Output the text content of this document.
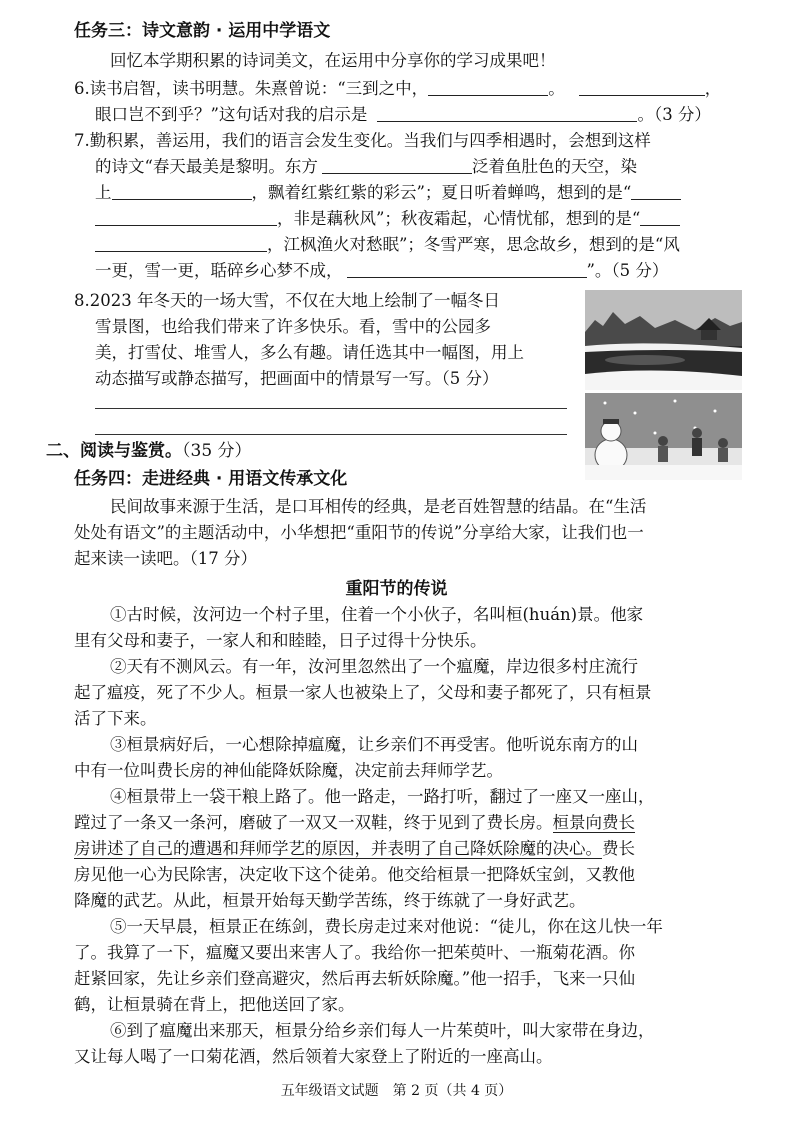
任务三：诗文意韵 · 运用中学语文
回忆本学期积累的诗词美文，在运用中分享你的学习成果吧！
6.读书启智，读书明慧。朱熹曾说：“三到之中，	。	，
眼口岂不到乎？”这句话对我的启示是	。（3 分）
7.勤积累，善运用，我们的语言会发生变化。当我们与四季相遇时，会想到这样
的诗文“春天最美是黎明。东方	泛着鱼肚色的天空，染
上	，飘着红紫红紫的彩云”；夏日听着蝉鸣，想到的是“
，非是藕秋风”；秋夜霜起，心情忧郁，想到的是“
，江枫渔火对愁眠”；冬雪严寒，思念故乡，想到的是“风
一更，雪一更，聒碎乡心梦不成，	”。（5 分）
8.2023 年冬天的一场大雪，不仅在大地上绘制了一幅冬日
雪景图，也给我们带来了许多快乐。看，雪中的公园多
美，打雪仗、堆雪人，多么有趣。请任选其中一幅图，用上
动态描写或静态描写，把画面中的情景写一写。（5 分）
二、阅读与鉴赏。（35 分）
任务四：走进经典 · 用语文传承文化
民间故事来源于生活，是口耳相传的经典，是老百姓智慧的结晶。在“生活
处处有语文”的主题活动中，小华想把“重阳节的传说”分享给大家，让我们也一
起来读一读吧。（17 分）
重阳节的传说
①古时候，汝河边一个村子里，住着一个小伙子，名叫桓(huán)景。他家
里有父母和妻子，一家人和和睦睦，日子过得十分快乐。
②天有不测风云。有一年，汝河里忽然出了一个瘟魔，岸边很多村庄流行
起了瘟疫，死了不少人。桓景一家人也被染上了，父母和妻子都死了，只有桓景
活了下来。
③桓景病好后，一心想除掉瘟魔，让乡亲们不再受害。他听说东南方的山
中有一位叫费长房的神仙能降妖除魔，决定前去拜师学艺。
④桓景带上一袋干粮上路了。他一路走，一路打听，翻过了一座又一座山，
蹚过了一条又一条河，磨破了一双又一双鞋，终于见到了费长房。桓景向费长
房讲述了自己的遭遇和拜师学艺的原因，并表明了自己降妖除魔的决心。费长
房见他一心为民除害，决定收下这个徒弟。他交给桓景一把降妖宝剑，又教他
降魔的武艺。从此，桓景开始每天勤学苦练，终于练就了一身好武艺。
⑤一天早晨，桓景正在练剑，费长房走过来对他说：“徒儿，你在这儿快一年
了。我算了一下，瘟魔又要出来害人了。我给你一把茱萸叶、一瓶菊花酒。你
赶紧回家，先让乡亲们登高避灾，然后再去斩妖除魔。”他一招手，飞来一只仙
鹤，让桓景骑在背上，把他送回了家。
⑥到了瘟魔出来那天，桓景分给乡亲们每人一片茱萸叶，叫大家带在身边，
又让每人喝了一口菊花酒，然后领着大家登上了附近的一座高山。
五年级语文试题　第 2 页（共 4 页）
